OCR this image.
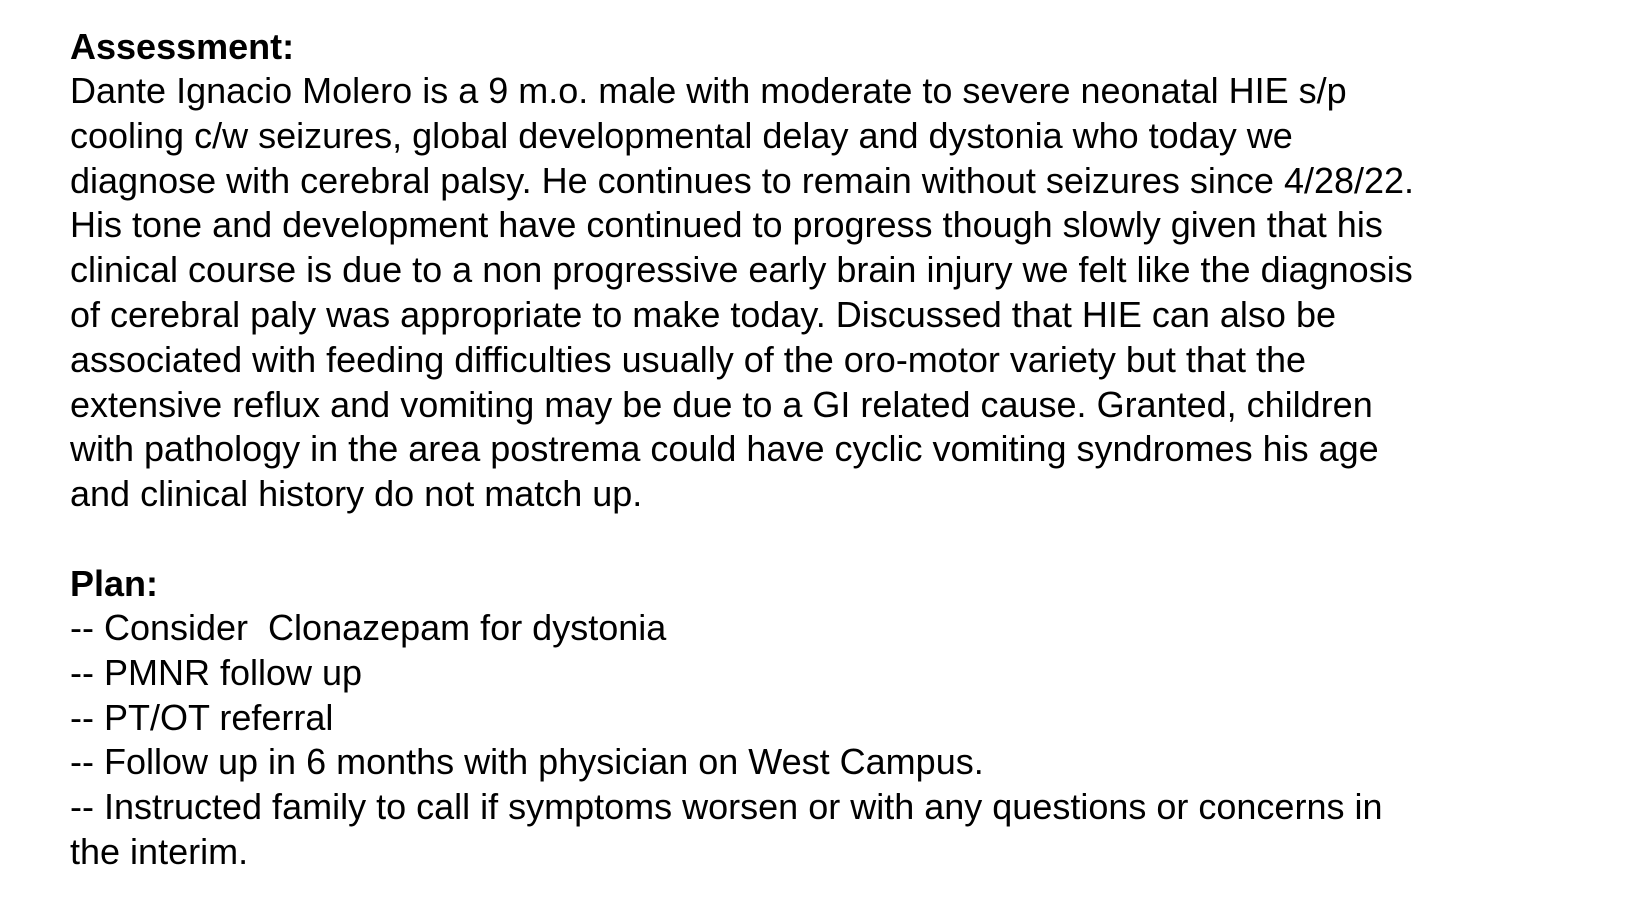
Assessment:
Dante Ignacio Molero is a 9 m.o. male with moderate to severe neonatal HIE s/p
cooling c/w seizures, global developmental delay and dystonia who today we
diagnose with cerebral palsy. He continues to remain without seizures since 4/28/22.
His tone and development have continued to progress though slowly given that his
clinical course is due to a non progressive early brain injury we felt like the diagnosis
of cerebral paly was appropriate to make today. Discussed that HIE can also be
associated with feeding difficulties usually of the oro-motor variety but that the
extensive reflux and vomiting may be due to a GI related cause. Granted, children
with pathology in the area postrema could have cyclic vomiting syndromes his age
and clinical history do not match up.
Plan:
-- Consider  Clonazepam for dystonia
-- PMNR follow up
-- PT/OT referral
-- Follow up in 6 months with physician on West Campus.
-- Instructed family to call if symptoms worsen or with any questions or concerns in
the interim.
